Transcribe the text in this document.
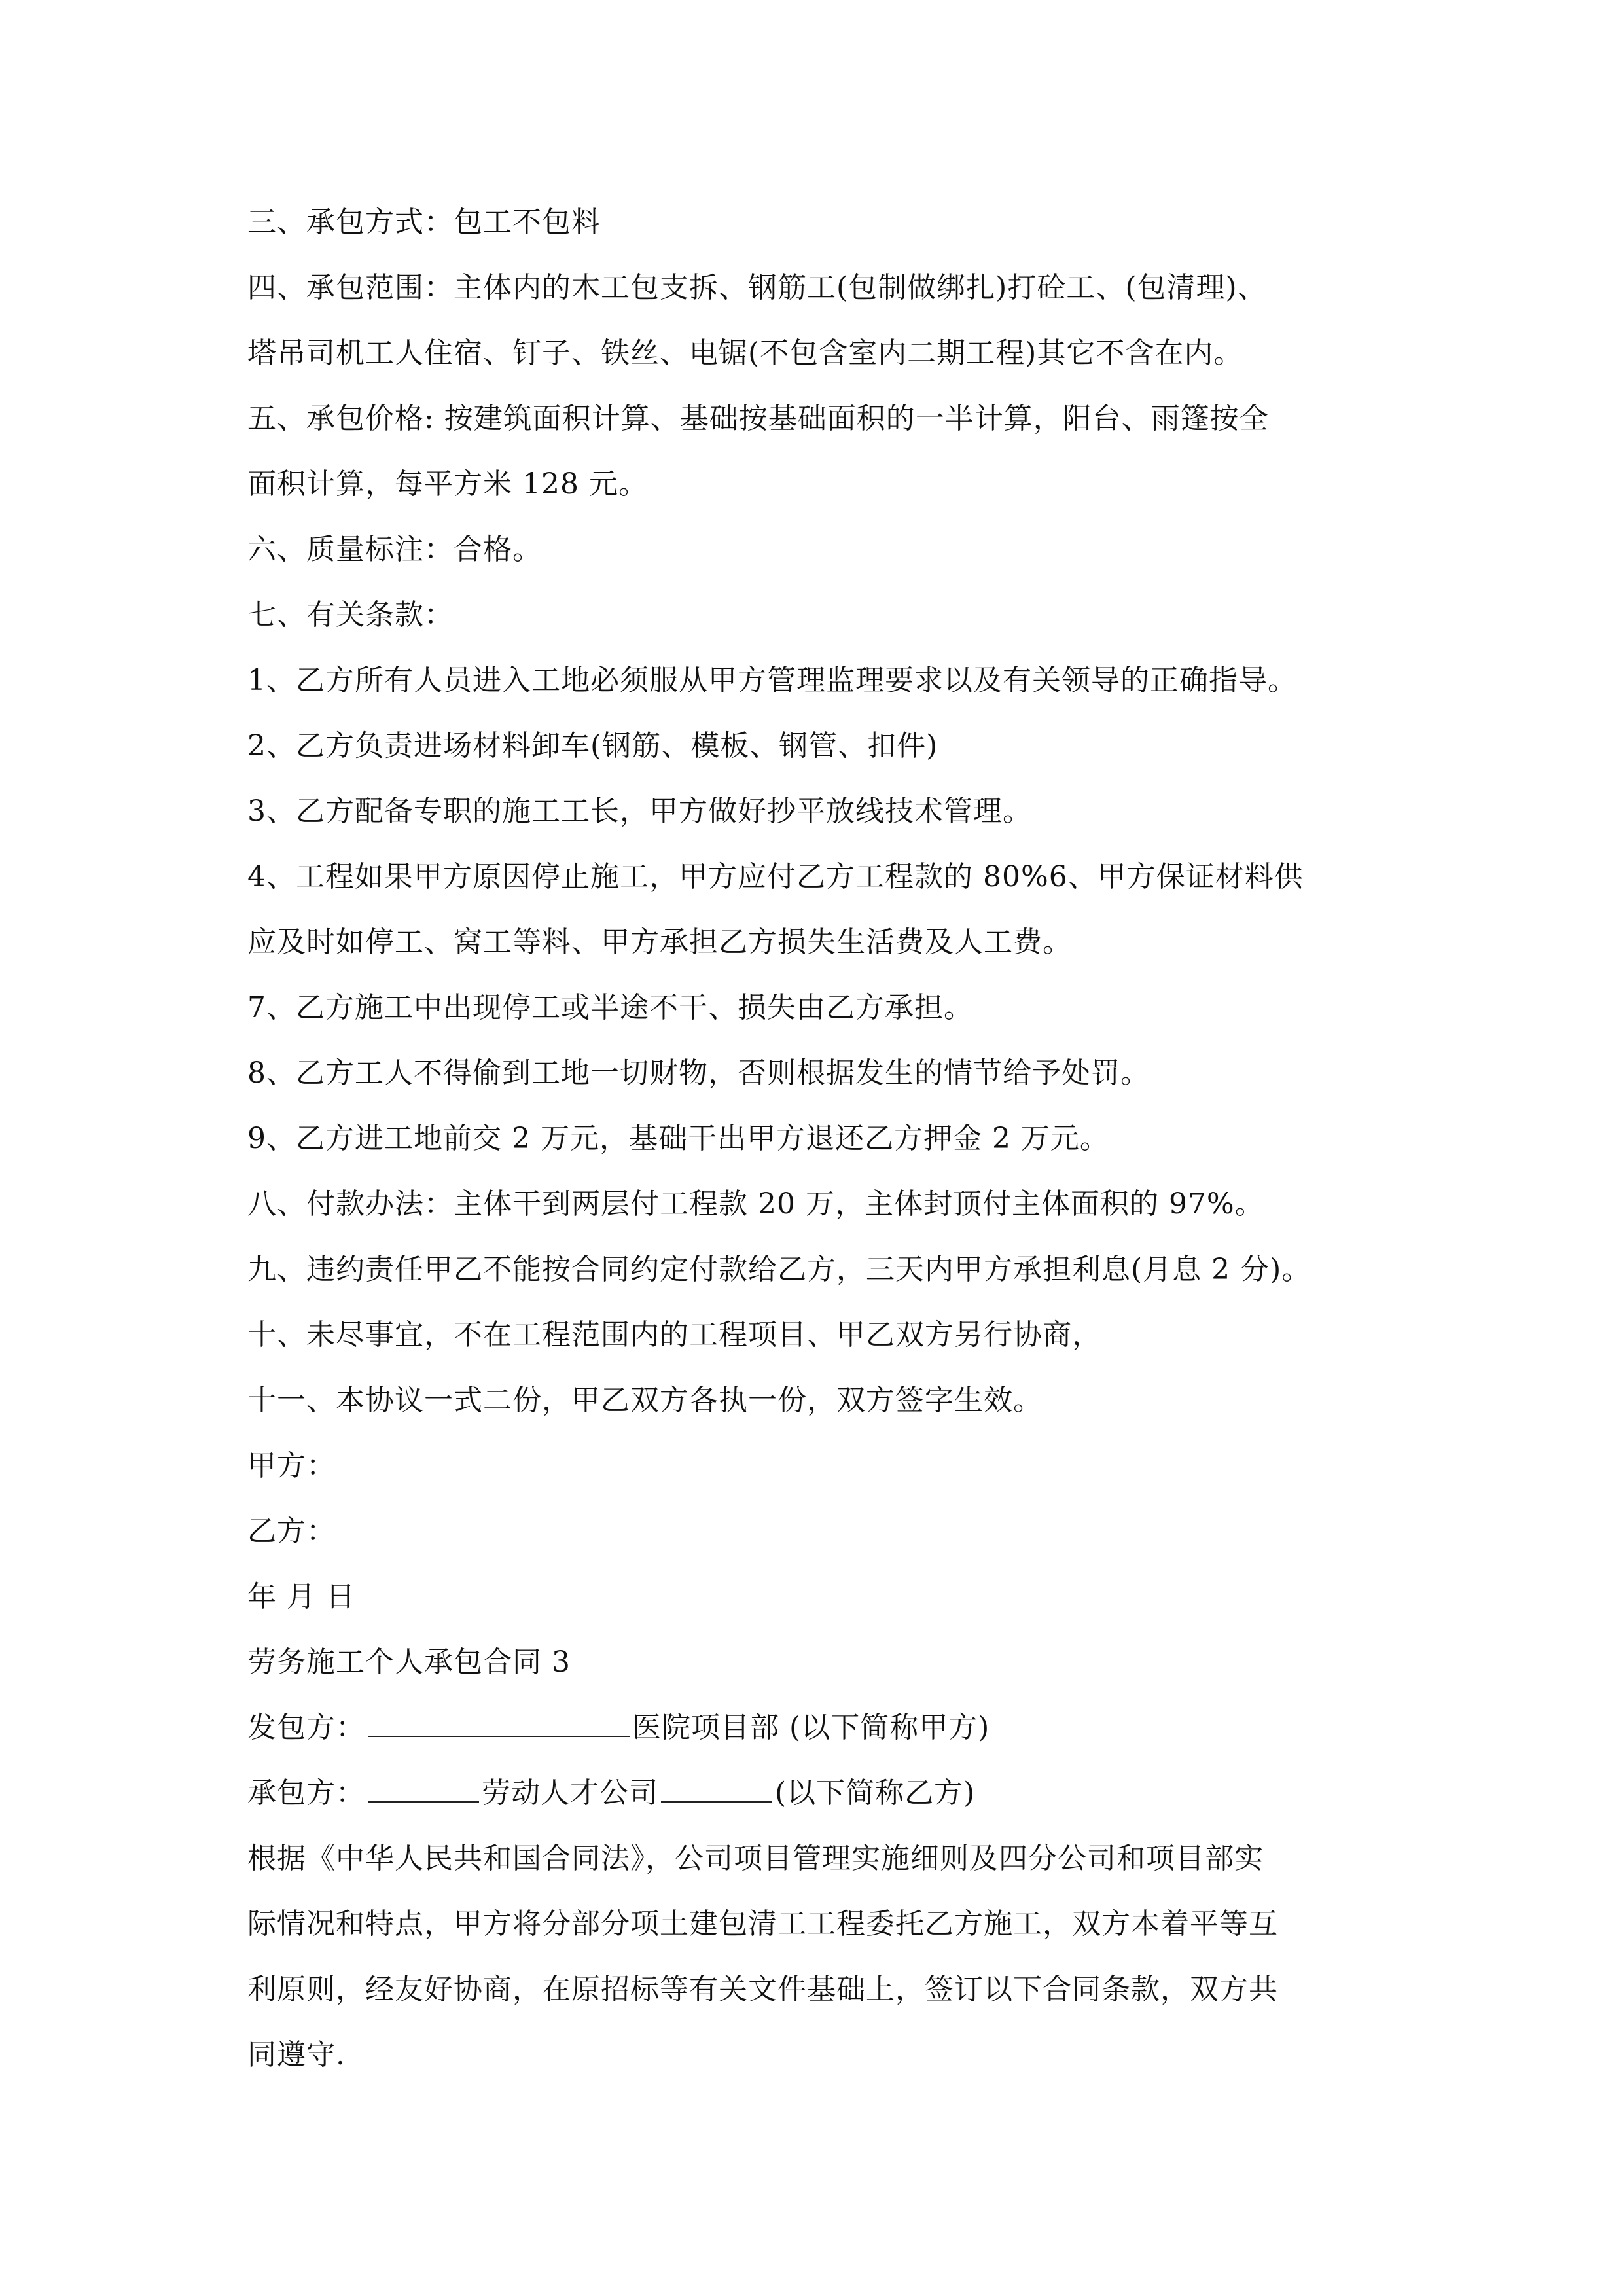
三、承包方式：包工不包料
四、承包范围：主体内的木工包支拆、钢筋工(包制做绑扎)打砼工、(包清理)、
塔吊司机工人住宿、钉子、铁丝、电锯(不包含室内二期工程)其它不含在内。
五、承包价格: 按建筑面积计算、基础按基础面积的一半计算，阳台、雨篷按全
面积计算，每平方米 128 元。
六、质量标注：合格。
七、有关条款：
1、乙方所有人员进入工地必须服从甲方管理监理要求以及有关领导的正确指导。
2、乙方负责进场材料卸车(钢筋、模板、钢管、扣件)
3、乙方配备专职的施工工长，甲方做好抄平放线技术管理。
4、工程如果甲方原因停止施工，甲方应付乙方工程款的 80%6、甲方保证材料供
应及时如停工、窝工等料、甲方承担乙方损失生活费及人工费。
7、乙方施工中出现停工或半途不干、损失由乙方承担。
8、乙方工人不得偷到工地一切财物，否则根据发生的情节给予处罚。
9、乙方进工地前交 2 万元，基础干出甲方退还乙方押金 2 万元。
八、付款办法：主体干到两层付工程款 20 万，主体封顶付主体面积的 97%。
九、违约责任甲乙不能按合同约定付款给乙方，三天内甲方承担利息(月息 2 分)。
十、未尽事宜，不在工程范围内的工程项目、甲乙双方另行协商，
十一、本协议一式二份，甲乙双方各执一份，双方签字生效。
甲方：
乙方：
年 月 日
劳务施工个人承包合同 3
发包方：	医院项目部 (以下简称甲方)
承包方：	劳动人才公司	(以下简称乙方)
根据《中华人民共和国合同法》，公司项目管理实施细则及四分公司和项目部实
际情况和特点，甲方将分部分项土建包清工工程委托乙方施工，双方本着平等互
利原则，经友好协商，在原招标等有关文件基础上，签订以下合同条款，双方共
同遵守.
